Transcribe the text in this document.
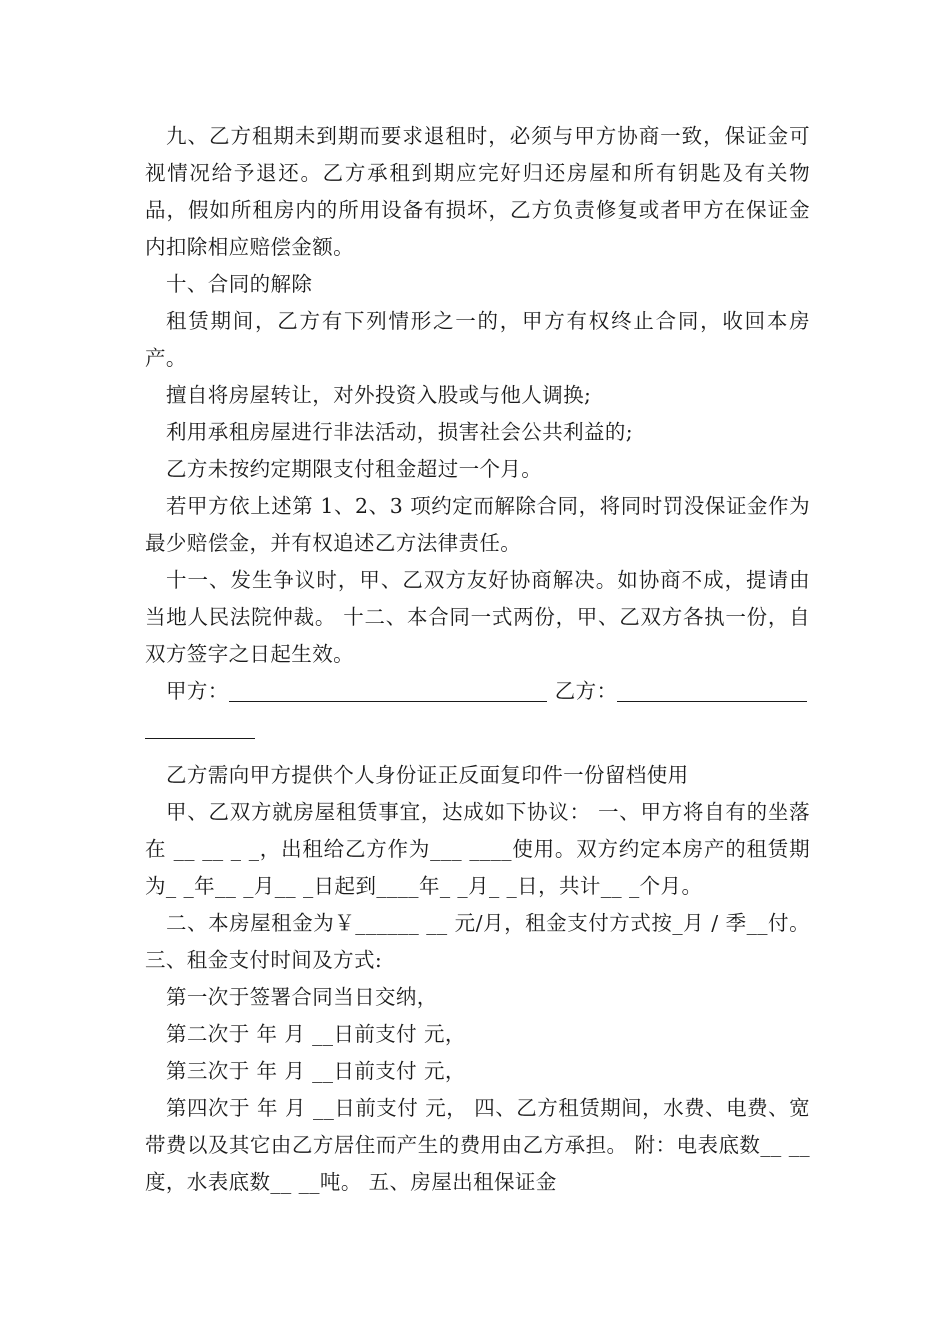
九、乙方租期未到期而要求退租时，必须与甲方协商一致，保证金可视情况给予退还。乙方承租到期应完好归还房屋和所有钥匙及有关物品，假如所租房内的所用设备有损坏，乙方负责修复或者甲方在保证金内扣除相应赔偿金额。

十、合同的解除

租赁期间，乙方有下列情形之一的，甲方有权终止合同，收回本房产。

擅自将房屋转让，对外投资入股或与他人调换;

利用承租房屋进行非法活动，损害社会公共利益的;

乙方未按约定期限支付租金超过一个月。

若甲方依上述第 1、2、3 项约定而解除合同，将同时罚没保证金作为最少赔偿金，并有权追述乙方法律责任。

十一、发生争议时，甲、乙双方友好协商解决。如协商不成，提请由当地人民法院仲裁。 十二、本合同一式两份，甲、乙双方各执一份，自双方签字之日起生效。

甲方：	乙方：

乙方需向甲方提供个人身份证正反面复印件一份留档使用

甲、乙双方就房屋租赁事宜，达成如下协议： 一、甲方将自有的坐落在 __ __ _ _，出租给乙方作为___ ____使用。双方约定本房产的租赁期为_ _年__ _月__ _日起到____年_ _月_ _日，共计__ _个月。

二、本房屋租金为￥______ __ 元/月，租金支付方式按_月 / 季__付。 三、租金支付时间及方式:

第一次于签署合同当日交纳，

第二次于 年 月 __日前支付 元，

第三次于 年 月 __日前支付 元，

第四次于 年 月 __日前支付 元， 四、乙方租赁期间，水费、电费、宽带费以及其它由乙方居住而产生的费用由乙方承担。 附：电表底数__ __度，水表底数__ __吨。 五、房屋出租保证金
